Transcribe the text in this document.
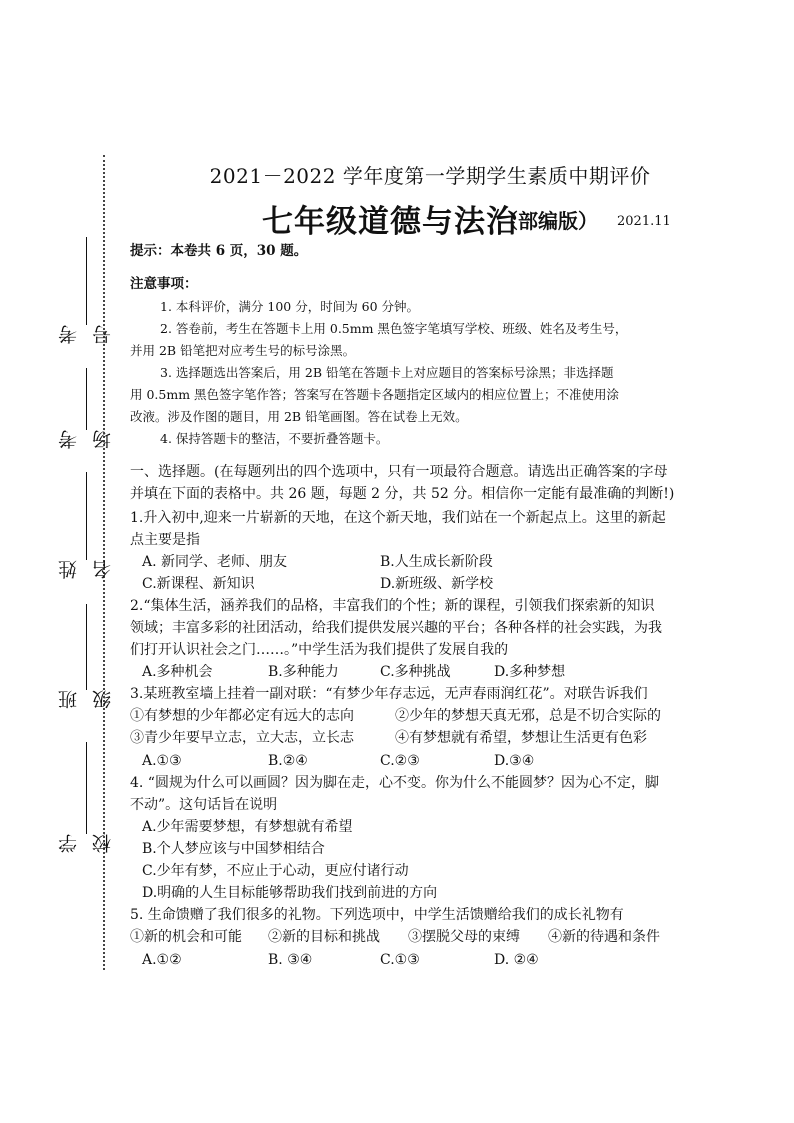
学校
班级
姓名
考场
考号
2021－2022 学年度第一学期学生素质中期评价
七年级道德与法治
（部编版） 2021.11
提示：本卷共 6 页，30 题。
注意事项：
1. 本科评价，满分 100 分，时间为 60 分钟。
2. 答卷前，考生在答题卡上用 0.5mm 黑色签字笔填写学校、班级、姓名及考生号，
并用 2B 铅笔把对应考生号的标号涂黑。
3. 选择题选出答案后，用 2B 铅笔在答题卡上对应题目的答案标号涂黑；非选择题
用 0.5mm 黑色签字笔作答；答案写在答题卡各题指定区域内的相应位置上；不准使用涂
改液。涉及作图的题目，用 2B 铅笔画图。答在试卷上无效。
4. 保持答题卡的整洁，不要折叠答题卡。
一、选择题。(在每题列出的四个选项中，只有一项最符合题意。请选出正确答案的字母
并填在下面的表格中。共 26 题，每题 2 分，共 52 分。相信你一定能有最准确的判断!)
1.升入初中,迎来一片崭新的天地，在这个新天地，我们站在一个新起点上。这里的新起
点主要是指
A. 新同学、老师、朋友	B.人生成长新阶段
C.新课程、新知识	D.新班级、新学校
2.“集体生活，涵养我们的品格，丰富我们的个性；新的课程，引领我们探索新的知识
领域；丰富多彩的社团活动，给我们提供发展兴趣的平台；各种各样的社会实践，为我
们打开认识社会之门……。”中学生活为我们提供了发展自我的
A.多种机会	B.多种能力	C.多种挑战	D.多种梦想
3.某班教室墙上挂着一副对联：“有梦少年存志远，无声春雨润红花”。对联告诉我们
①有梦想的少年都必定有远大的志向	②少年的梦想天真无邪，总是不切合实际的
③青少年要早立志，立大志，立长志	④有梦想就有希望，梦想让生活更有色彩
A.①③	B.②④	C.②③	D.③④
4. “圆规为什么可以画圆？因为脚在走，心不变。你为什么不能圆梦？因为心不定，脚
不动”。这句话旨在说明
A.少年需要梦想，有梦想就有希望
B.个人梦应该与中国梦相结合
C.少年有梦，不应止于心动，更应付诸行动
D.明确的人生目标能够帮助我们找到前进的方向
5. 生命馈赠了我们很多的礼物。下列选项中，中学生活馈赠给我们的成长礼物有
①新的机会和可能 ②新的目标和挑战 ③摆脱父母的束缚 ④新的待遇和条件
A.①②	B. ③④	C.①③	D. ②④
